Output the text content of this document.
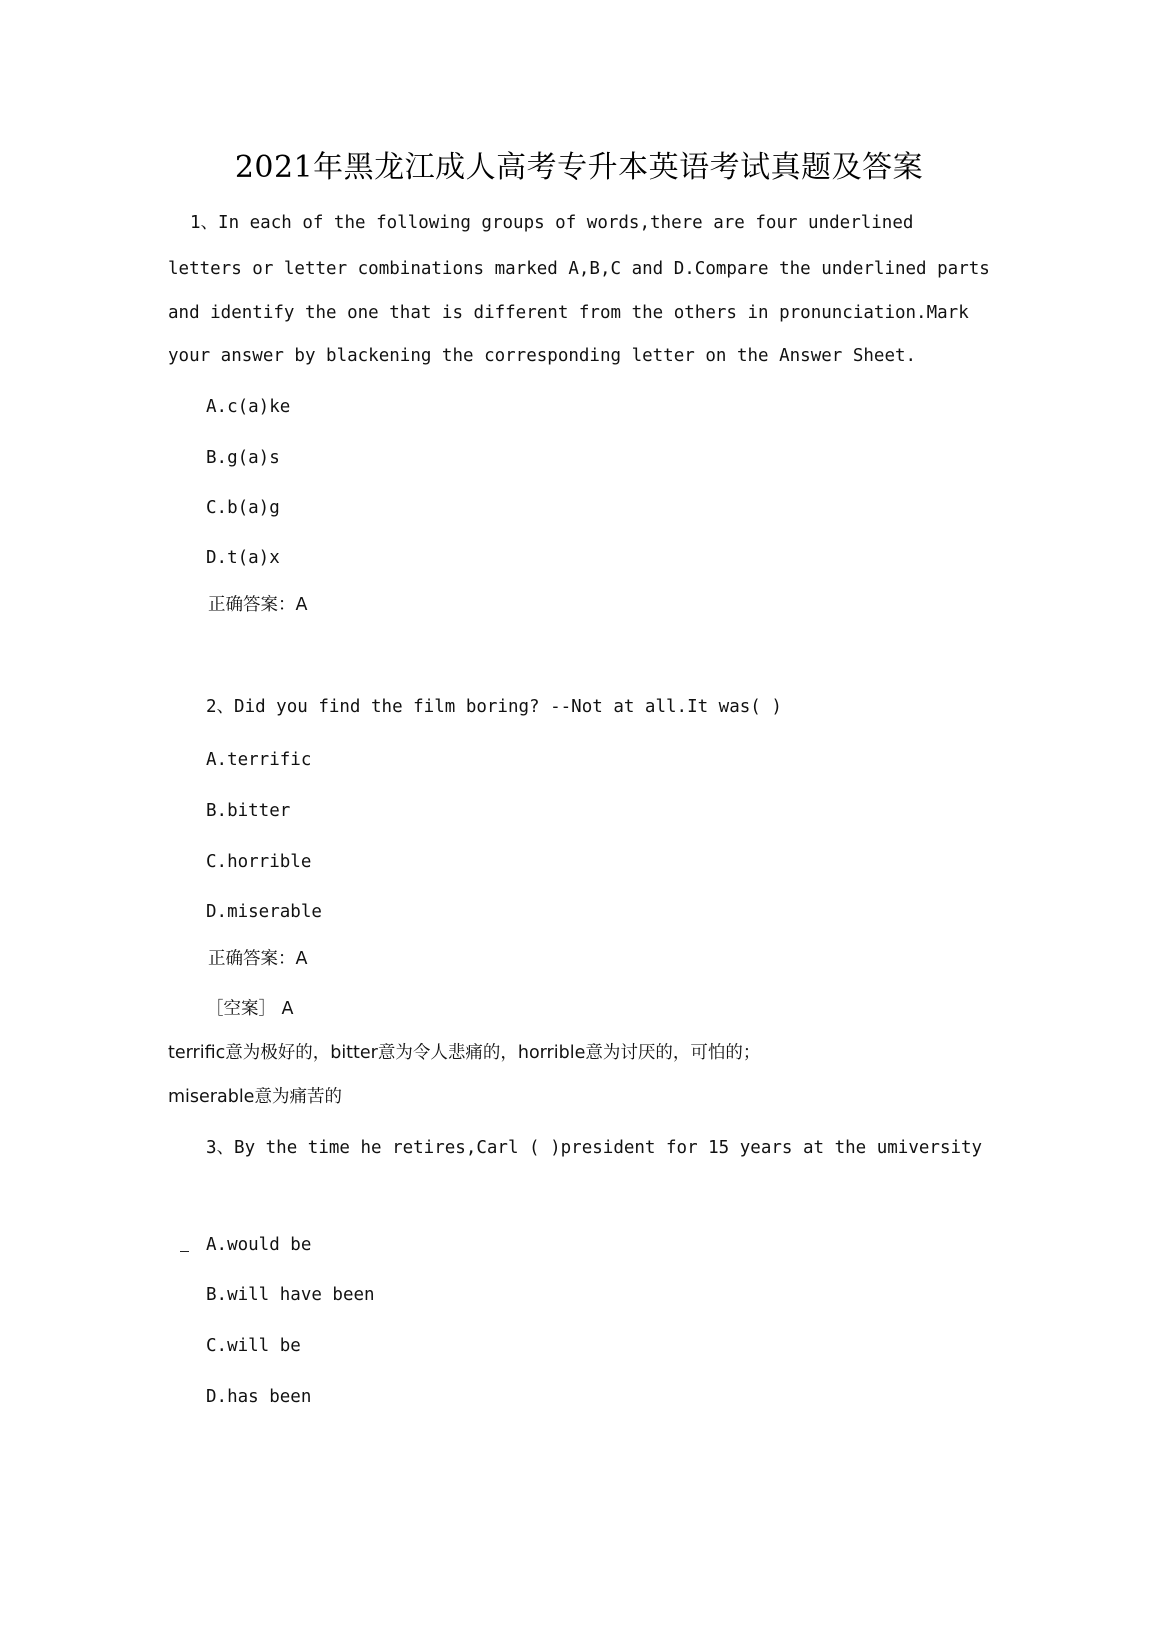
2021年黑龙江成人高考专升本英语考试真题及答案
1、In each of the following groups of words,there are four underlined
letters or letter combinations marked A,B,C and D.Compare the underlined parts
and identify the one that is different from the others in pronunciation.Mark
your answer by blackening the corresponding letter on the Answer Sheet.
A.c(a)ke
B.g(a)s
C.b(a)g
D.t(a)x
正确答案：A
2、Did you find the film boring? --Not at all.It was( )
A.terrific
B.bitter
C.horrible
D.miserable
正确答案：A
［空案］ A
terrific意为极好的，bitter意为令人悲痛的，horrible意为讨厌的，可怕的；
miserable意为痛苦的
3、By the time he retires,Carl ( )president for 15 years at the umiversity
A.would be
B.will have been
C.will be
D.has been
